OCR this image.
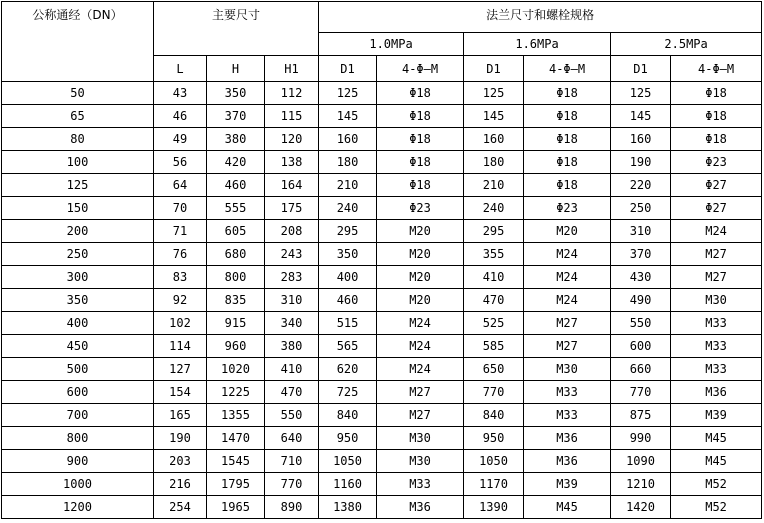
公称通经（DN）	主要尺寸			法兰尺寸和螺栓规格					
				1.0MPa		1.6MPa		2.5MPa	
	L	H	H1	D1	4-Φ—M	D1	4-Φ—M	D1	4-Φ—M
50	43	350	112	125	Φ18	125	Φ18	125	Φ18
65	46	370	115	145	Φ18	145	Φ18	145	Φ18
80	49	380	120	160	Φ18	160	Φ18	160	Φ18
100	56	420	138	180	Φ18	180	Φ18	190	Φ23
125	64	460	164	210	Φ18	210	Φ18	220	Φ27
150	70	555	175	240	Φ23	240	Φ23	250	Φ27
200	71	605	208	295	M20	295	M20	310	M24
250	76	680	243	350	M20	355	M24	370	M27
300	83	800	283	400	M20	410	M24	430	M27
350	92	835	310	460	M20	470	M24	490	M30
400	102	915	340	515	M24	525	M27	550	M33
450	114	960	380	565	M24	585	M27	600	M33
500	127	1020	410	620	M24	650	M30	660	M33
600	154	1225	470	725	M27	770	M33	770	M36
700	165	1355	550	840	M27	840	M33	875	M39
800	190	1470	640	950	M30	950	M36	990	M45
900	203	1545	710	1050	M30	1050	M36	1090	M45
1000	216	1795	770	1160	M33	1170	M39	1210	M52
1200	254	1965	890	1380	M36	1390	M45	1420	M52
